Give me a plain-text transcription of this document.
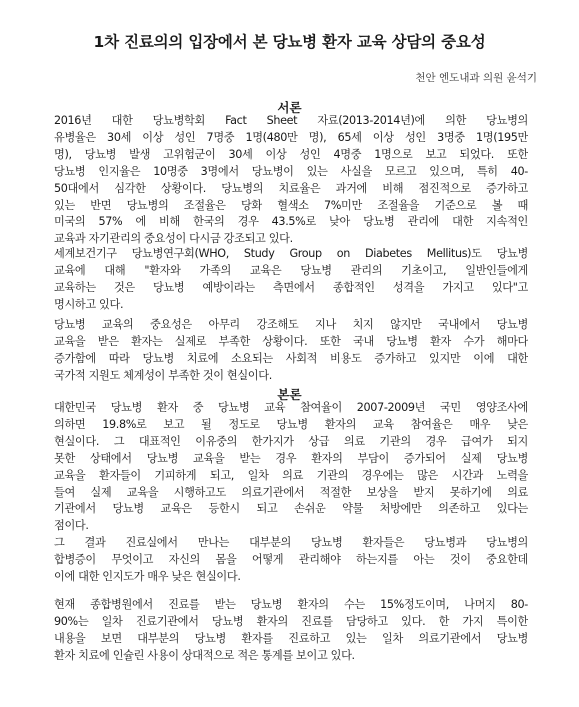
1차 진료의의 입장에서 본 당뇨병 환자 교육 상담의 중요성
천안 엔도내과 의원 윤석기
서론
2016년 대한 당뇨병학회 Fact Sheet 자료(2013-2014년)에 의한 당뇨병의
유병율은 30세 이상 성인 7명중 1명(480만 명), 65세 이상 성인 3명중 1명(195만
명), 당뇨병 발생 고위험군이 30세 이상 성인 4명중 1명으로 보고 되었다. 또한
당뇨병 인지율은 10명중 3명에서 당뇨병이 있는 사실을 모르고 있으며, 특히 40-
50대에서 심각한 상황이다. 당뇨병의 치료율은 과거에 비해 점진적으로 증가하고
있는 반면 당뇨병의 조절율은 당화 혈색소 7%미만 조절율을 기준으로 볼 때
미국의 57% 에 비해 한국의 경우 43.5%로 낮아 당뇨병 관리에 대한 지속적인
교육과 자기관리의 중요성이 다시금 강조되고 있다.
세계보건기구 당뇨병연구회(WHO, Study Group on Diabetes Mellitus)도 당뇨병
교육에 대해 "환자와 가족의 교육은 당뇨병 관리의 기초이고, 일반인들에게
교육하는 것은 당뇨병 예방이라는 측면에서 종합적인 성격을 가지고 있다"고
명시하고 있다.
당뇨병 교육의 중요성은 아무리 강조해도 지나 치지 않지만 국내에서 당뇨병
교육을 받은 환자는 실제로 부족한 상황이다. 또한 국내 당뇨병 환자 수가 해마다
증가함에 따라 당뇨병 치료에 소요되는 사회적 비용도 증가하고 있지만 이에 대한
국가적 지원도 체계성이 부족한 것이 현실이다.
본론
대한민국 당뇨병 환자 중 당뇨병 교육 참여율이 2007-2009년 국민 영양조사에
의하면 19.8%로 보고 될 정도로 당뇨병 환자의 교육 참여율은 매우 낮은
현실이다. 그 대표적인 이유중의 한가지가 상급 의료 기관의 경우 급여가 되지
못한 상태에서 당뇨병 교육을 받는 경우 환자의 부담이 증가되어 실제 당뇨병
교육을 환자들이 기피하게 되고, 일차 의료 기관의 경우에는 많은 시간과 노력을
들여 실제 교육을 시행하고도 의료기관에서 적절한 보상을 받지 못하기에 의료
기관에서 당뇨병 교육은 등한시 되고 손쉬운 약물 처방에만 의존하고 있다는
점이다.
그 결과 진료실에서 만나는 대부분의 당뇨병 환자들은 당뇨병과 당뇨병의
합병증이 무엇이고 자신의 몸을 어떻게 관리해야 하는지를 아는 것이 중요한데
이에 대한 인지도가 매우 낮은 현실이다.
현재 종합병원에서 진료를 받는 당뇨병 환자의 수는 15%정도이며, 나머지 80-
90%는 일차 진료기관에서 당뇨병 환자의 진료를 담당하고 있다. 한 가지 특이한
내용을 보면 대부분의 당뇨병 환자를 진료하고 있는 일차 의료기관에서 당뇨병
환자 치료에 인슐린 사용이 상대적으로 적은 통계를 보이고 있다.
